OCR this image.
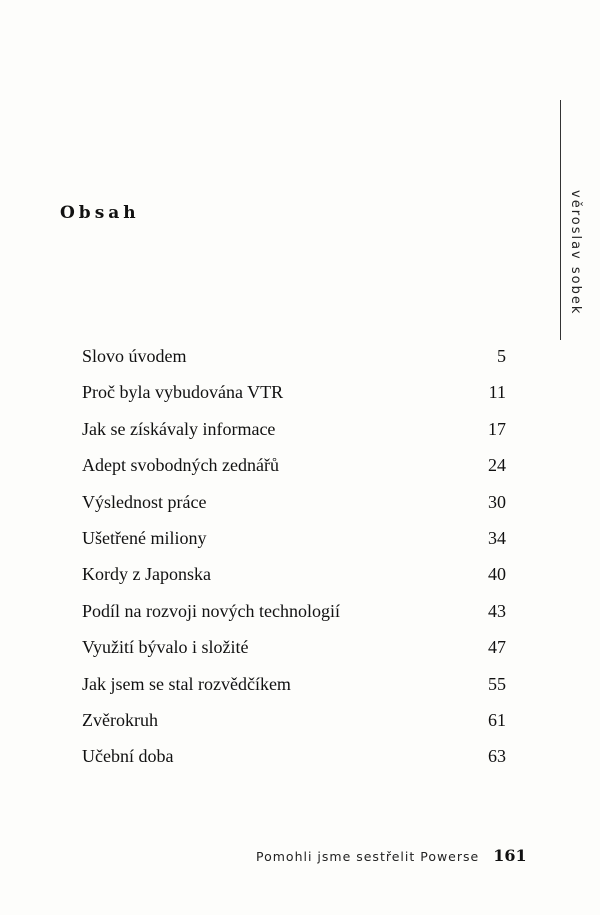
věroslav sobek
Obsah
Slovo úvodem	5
Proč byla vybudována VTR	11
Jak se získávaly informace	17
Adept svobodných zednářů	24
Výslednost práce	30
Ušetřené miliony	34
Kordy z Japonska	40
Podíl na rozvoji nových technologií	43
Využití bývalo i složité	47
Jak jsem se stal rozvědčíkem	55
Zvěrokruh	61
Učební doba	63
Pomohli jsme sestřelit Powerse 161
